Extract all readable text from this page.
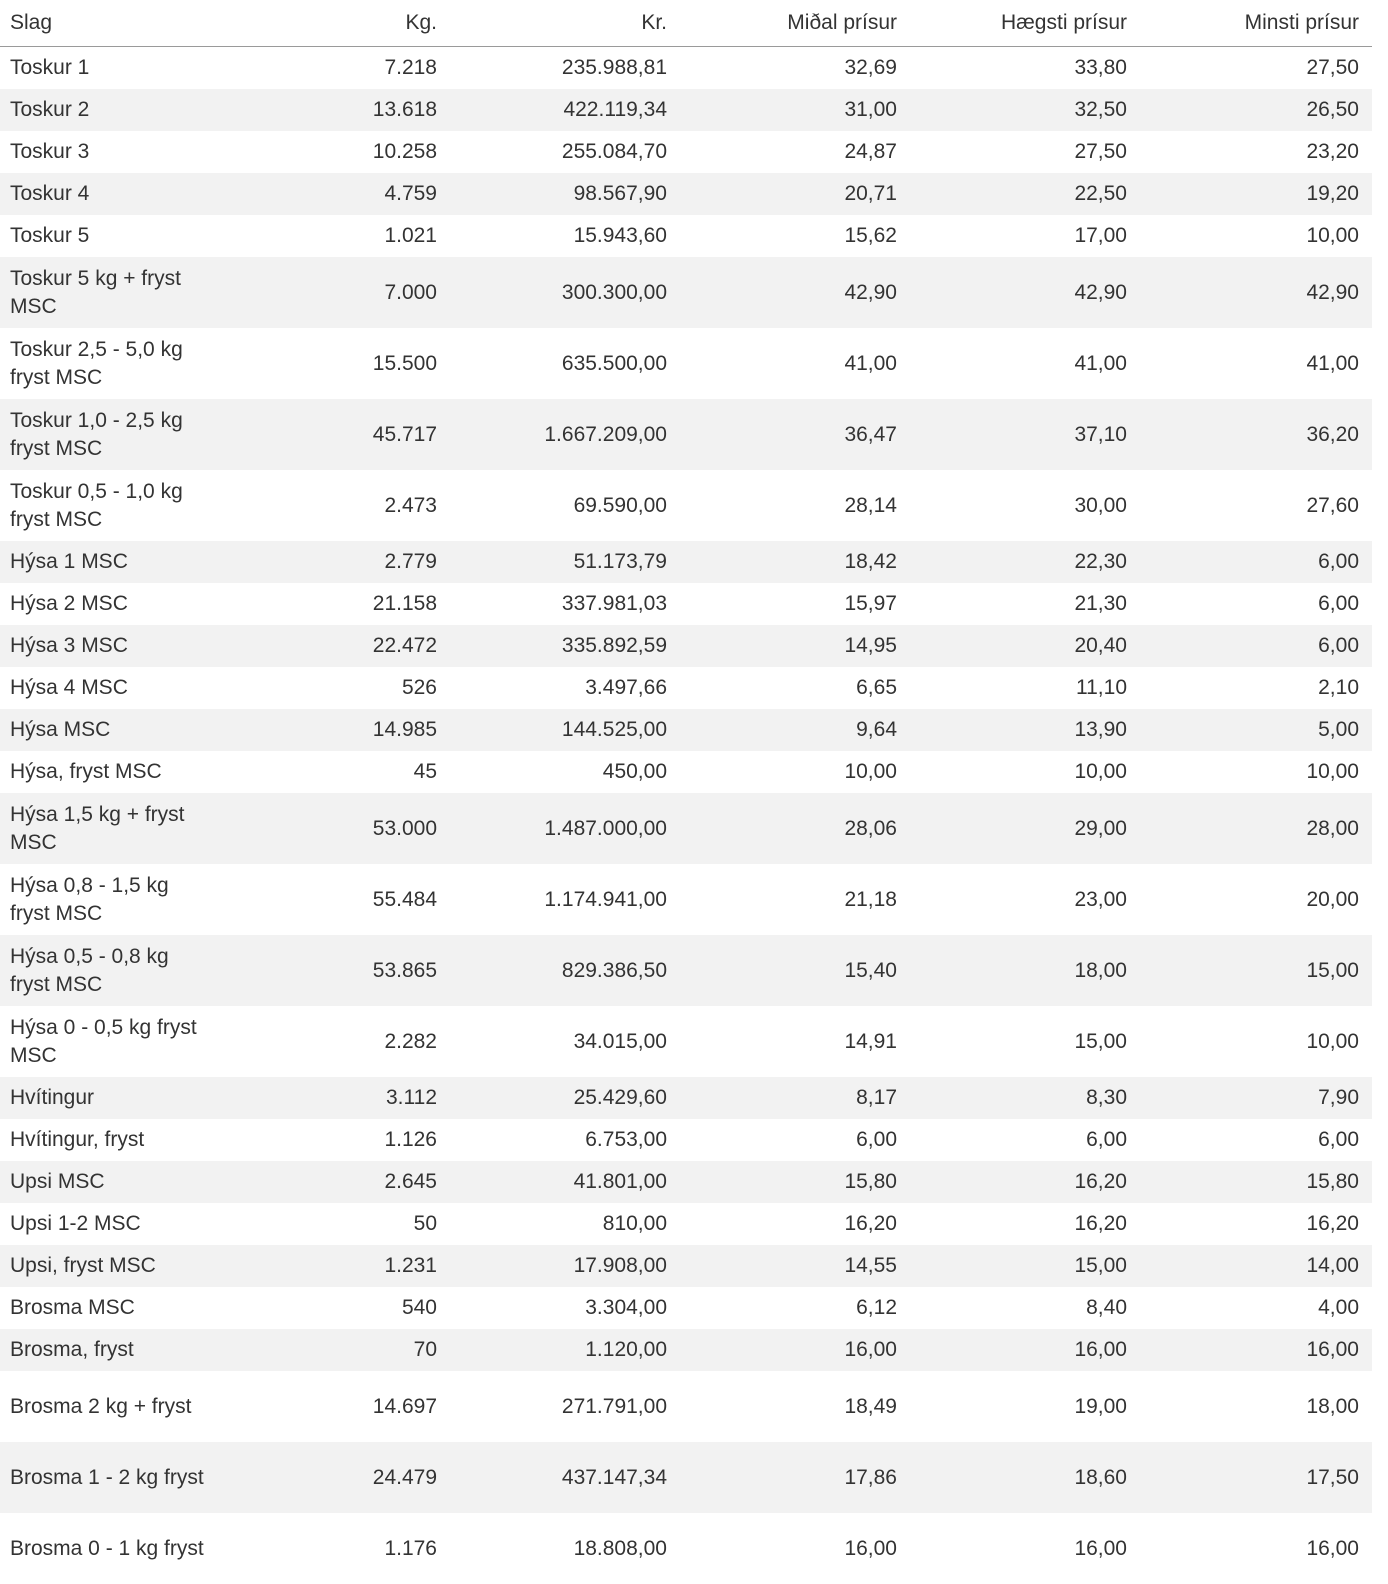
Slag	Kg.	Kr.	Miðal prísur	Hægsti prísur	Minsti prísur
Toskur 1	7.218	235.988,81	32,69	33,80	27,50
Toskur 2	13.618	422.119,34	31,00	32,50	26,50
Toskur 3	10.258	255.084,70	24,87	27,50	23,20
Toskur 4	4.759	98.567,90	20,71	22,50	19,20
Toskur 5	1.021	15.943,60	15,62	17,00	10,00
Toskur 5 kg + fryst MSC	7.000	300.300,00	42,90	42,90	42,90
Toskur 2,5 - 5,0 kg fryst MSC	15.500	635.500,00	41,00	41,00	41,00
Toskur 1,0 - 2,5 kg fryst MSC	45.717	1.667.209,00	36,47	37,10	36,20
Toskur 0,5 - 1,0 kg fryst MSC	2.473	69.590,00	28,14	30,00	27,60
Hýsa 1 MSC	2.779	51.173,79	18,42	22,30	6,00
Hýsa 2 MSC	21.158	337.981,03	15,97	21,30	6,00
Hýsa 3 MSC	22.472	335.892,59	14,95	20,40	6,00
Hýsa 4 MSC	526	3.497,66	6,65	11,10	2,10
Hýsa MSC	14.985	144.525,00	9,64	13,90	5,00
Hýsa, fryst MSC	45	450,00	10,00	10,00	10,00
Hýsa 1,5 kg + fryst MSC	53.000	1.487.000,00	28,06	29,00	28,00
Hýsa 0,8 - 1,5 kg fryst MSC	55.484	1.174.941,00	21,18	23,00	20,00
Hýsa 0,5 - 0,8 kg fryst MSC	53.865	829.386,50	15,40	18,00	15,00
Hýsa 0 - 0,5 kg fryst MSC	2.282	34.015,00	14,91	15,00	10,00
Hvítingur	3.112	25.429,60	8,17	8,30	7,90
Hvítingur, fryst	1.126	6.753,00	6,00	6,00	6,00
Upsi MSC	2.645	41.801,00	15,80	16,20	15,80
Upsi 1-2 MSC	50	810,00	16,20	16,20	16,20
Upsi, fryst MSC	1.231	17.908,00	14,55	15,00	14,00
Brosma MSC	540	3.304,00	6,12	8,40	4,00
Brosma, fryst	70	1.120,00	16,00	16,00	16,00
Brosma 2 kg + fryst	14.697	271.791,00	18,49	19,00	18,00
Brosma 1 - 2 kg fryst	24.479	437.147,34	17,86	18,60	17,50
Brosma 0 - 1 kg fryst	1.176	18.808,00	16,00	16,00	16,00
